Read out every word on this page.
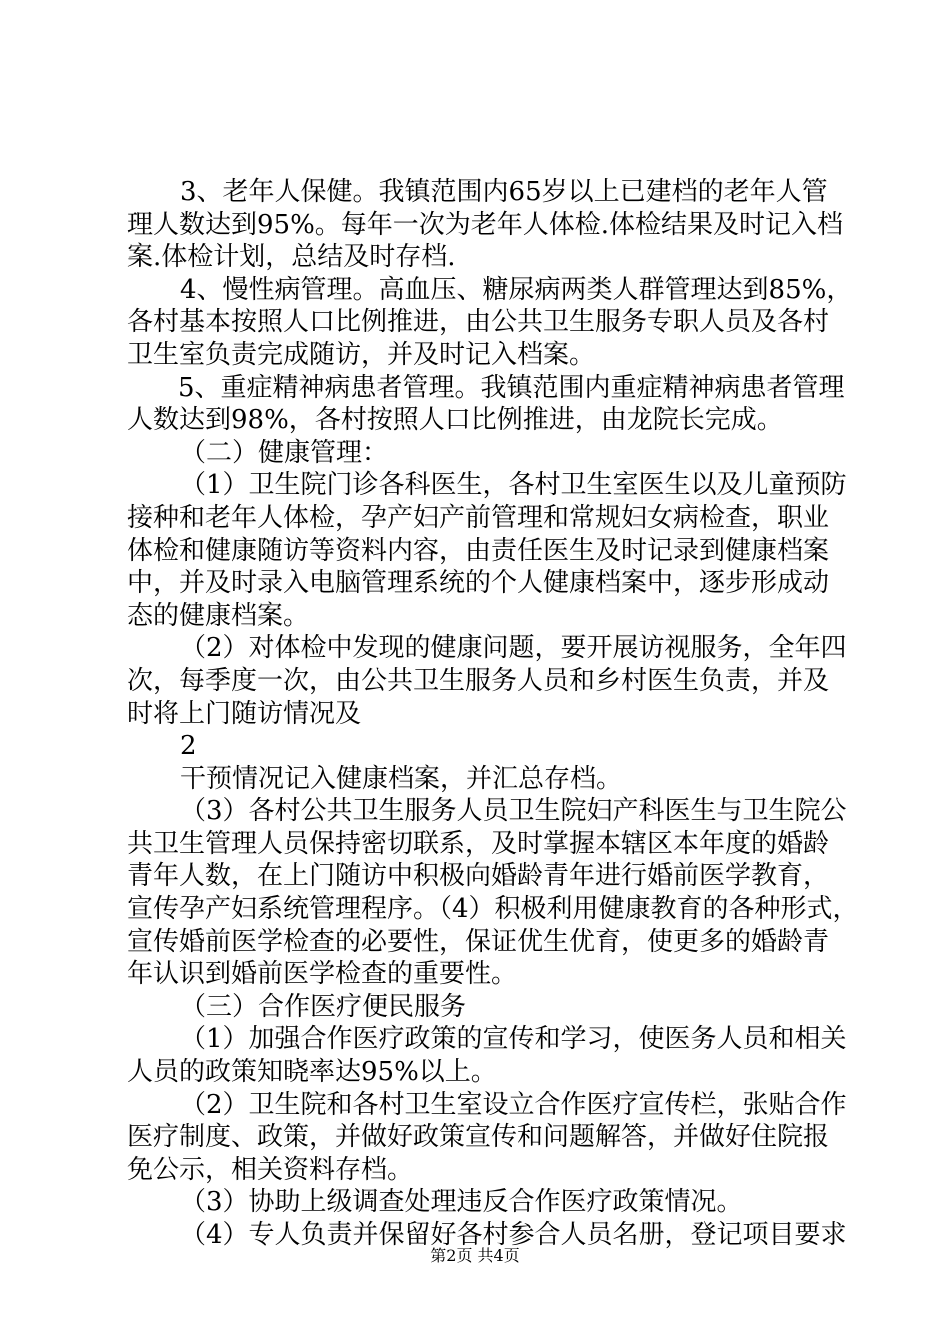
3、老年人保健。我镇范围内65岁以上已建档的老年人管
理人数达到95%。每年一次为老年人体检.体检结果及时记入档
案.体检计划，总结及时存档.
4、慢性病管理。高血压、糖尿病两类人群管理达到85%，
各村基本按照人口比例推进，由公共卫生服务专职人员及各村
卫生室负责完成随访，并及时记入档案。
5、重症精神病患者管理。我镇范围内重症精神病患者管理
人数达到98%，各村按照人口比例推进，由龙院长完成。
（二）健康管理：
（1）卫生院门诊各科医生，各村卫生室医生以及儿童预防
接种和老年人体检，孕产妇产前管理和常规妇女病检查，职业
体检和健康随访等资料内容，由责任医生及时记录到健康档案
中，并及时录入电脑管理系统的个人健康档案中，逐步形成动
态的健康档案。
（2）对体检中发现的健康问题，要开展访视服务，全年四
次，每季度一次，由公共卫生服务人员和乡村医生负责，并及
时将上门随访情况及
2
干预情况记入健康档案，并汇总存档。
（3）各村公共卫生服务人员卫生院妇产科医生与卫生院公
共卫生管理人员保持密切联系，及时掌握本辖区本年度的婚龄
青年人数，在上门随访中积极向婚龄青年进行婚前医学教育，
宣传孕产妇系统管理程序。（4）积极利用健康教育的各种形式，
宣传婚前医学检查的必要性，保证优生优育，使更多的婚龄青
年认识到婚前医学检查的重要性。
（三）合作医疗便民服务
（1）加强合作医疗政策的宣传和学习，使医务人员和相关
人员的政策知晓率达95%以上。
（2）卫生院和各村卫生室设立合作医疗宣传栏，张贴合作
医疗制度、政策，并做好政策宣传和问题解答，并做好住院报
免公示，相关资料存档。
（3）协助上级调查处理违反合作医疗政策情况。
（4）专人负责并保留好各村参合人员名册，登记项目要求
第2页 共4页
